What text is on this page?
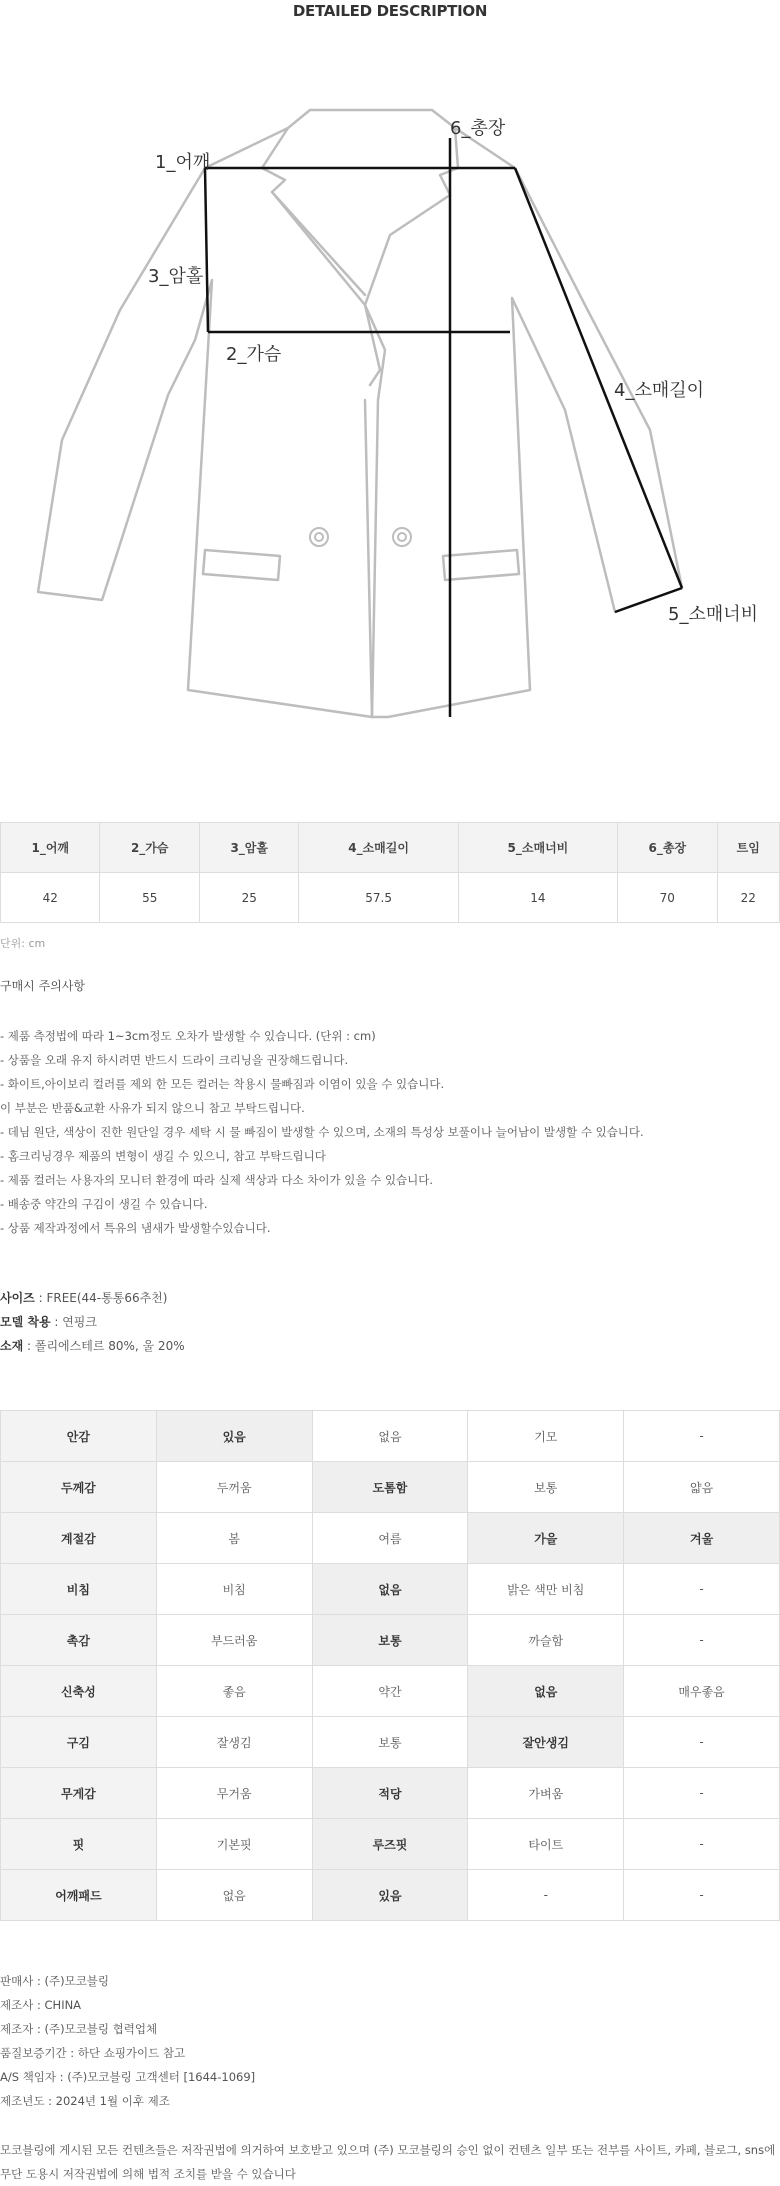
DETAILED DESCRIPTION
1_어깨
6_총장
3_암홀
2_가슴
4_소매길이
5_소매너비
1_어깨	2_가슴	3_암홀	4_소매길이	5_소매너비	6_총장	트임
42	55	25	57.5	14	70	22
단위: cm
구매시 주의사항
- 제품 측정법에 따라 1~3cm정도 오차가 발생할 수 있습니다. (단위 : cm)
- 상품을 오래 유지 하시려면 반드시 드라이 크리닝을 권장해드립니다.
- 화이트,아이보리 컬러를 제외 한 모든 컬러는 착용시 물빠짐과 이염이 있을 수 있습니다.
이 부분은 반품&교환 사유가 되지 않으니 참고 부탁드립니다.
- 데님 원단, 색상이 진한 원단일 경우 세탁 시 물 빠짐이 발생할 수 있으며, 소재의 특성상 보풀이나 늘어남이 발생할 수 있습니다.
- 홈크리닝경우 제품의 변형이 생길 수 있으니, 참고 부탁드립니다
- 제품 컬러는 사용자의 모니터 환경에 따라 실제 색상과 다소 차이가 있을 수 있습니다.
- 배송중 약간의 구김이 생길 수 있습니다.
- 상품 제작과정에서 특유의 냄새가 발생할수있습니다.
사이즈 : FREE(44-통통66추천)
모델 착용 : 연핑크
소재 : 폴리에스테르 80%, 울 20%
안감	있음	없음	기모	-
두께감	두꺼움	도톰함	보통	얇음
계절감	봄	여름	가을	겨울
비침	비침	없음	밝은 색만 비침	-
촉감	부드러움	보통	까슬함	-
신축성	좋음	약간	없음	매우좋음
구김	잘생김	보통	잘안생김	-
무게감	무거움	적당	가벼움	-
핏	기본핏	루즈핏	타이트	-
어깨패드	없음	있음	-	-
판매사 : (주)모코블링
제조사 : CHINA
제조자 : (주)모코블링 협력업체
품질보증기간 : 하단 쇼핑가이드 참고
A/S 책임자 : (주)모코블링 고객센터 [1644-1069]
제조년도 : 2024년 1월 이후 제조
모코블링에 게시된 모든 컨텐츠들은 저작권법에 의거하여 보호받고 있으며 (주) 모코블링의 승인 없이 컨텐츠 일부 또는 전부를 사이트, 카페, 블로그, sns에 무단 도용시 저작권법에 의해 법적 조치를 받을 수 있습니다
